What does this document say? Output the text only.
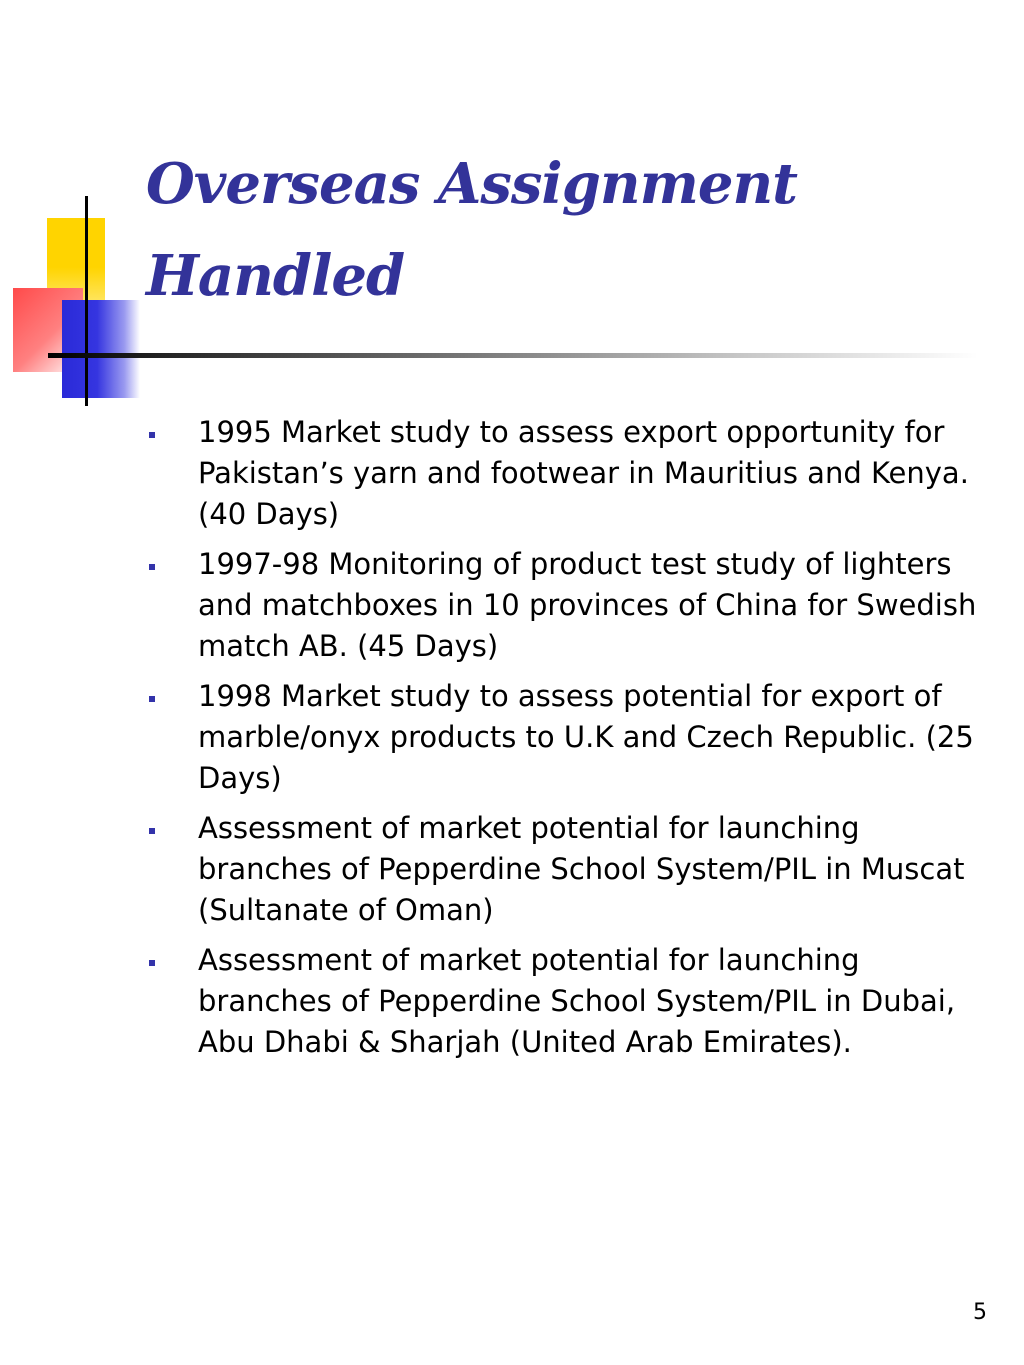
Overseas Assignment Handled
1995 Market study to assess export opportunity for Pakistan’s yarn and footwear in Mauritius and Kenya. (40 Days)
1997-98 Monitoring of product test study of lighters and matchboxes in 10 provinces of China for Swedish match AB. (45 Days)
1998 Market study to assess potential for export of marble/onyx products to U.K and Czech Republic. (25 Days)
Assessment of market potential for launching branches of Pepperdine School System/PIL in Muscat (Sultanate of Oman)
Assessment of market potential for launching branches of Pepperdine School System/PIL in Dubai, Abu Dhabi & Sharjah (United Arab Emirates).
5
